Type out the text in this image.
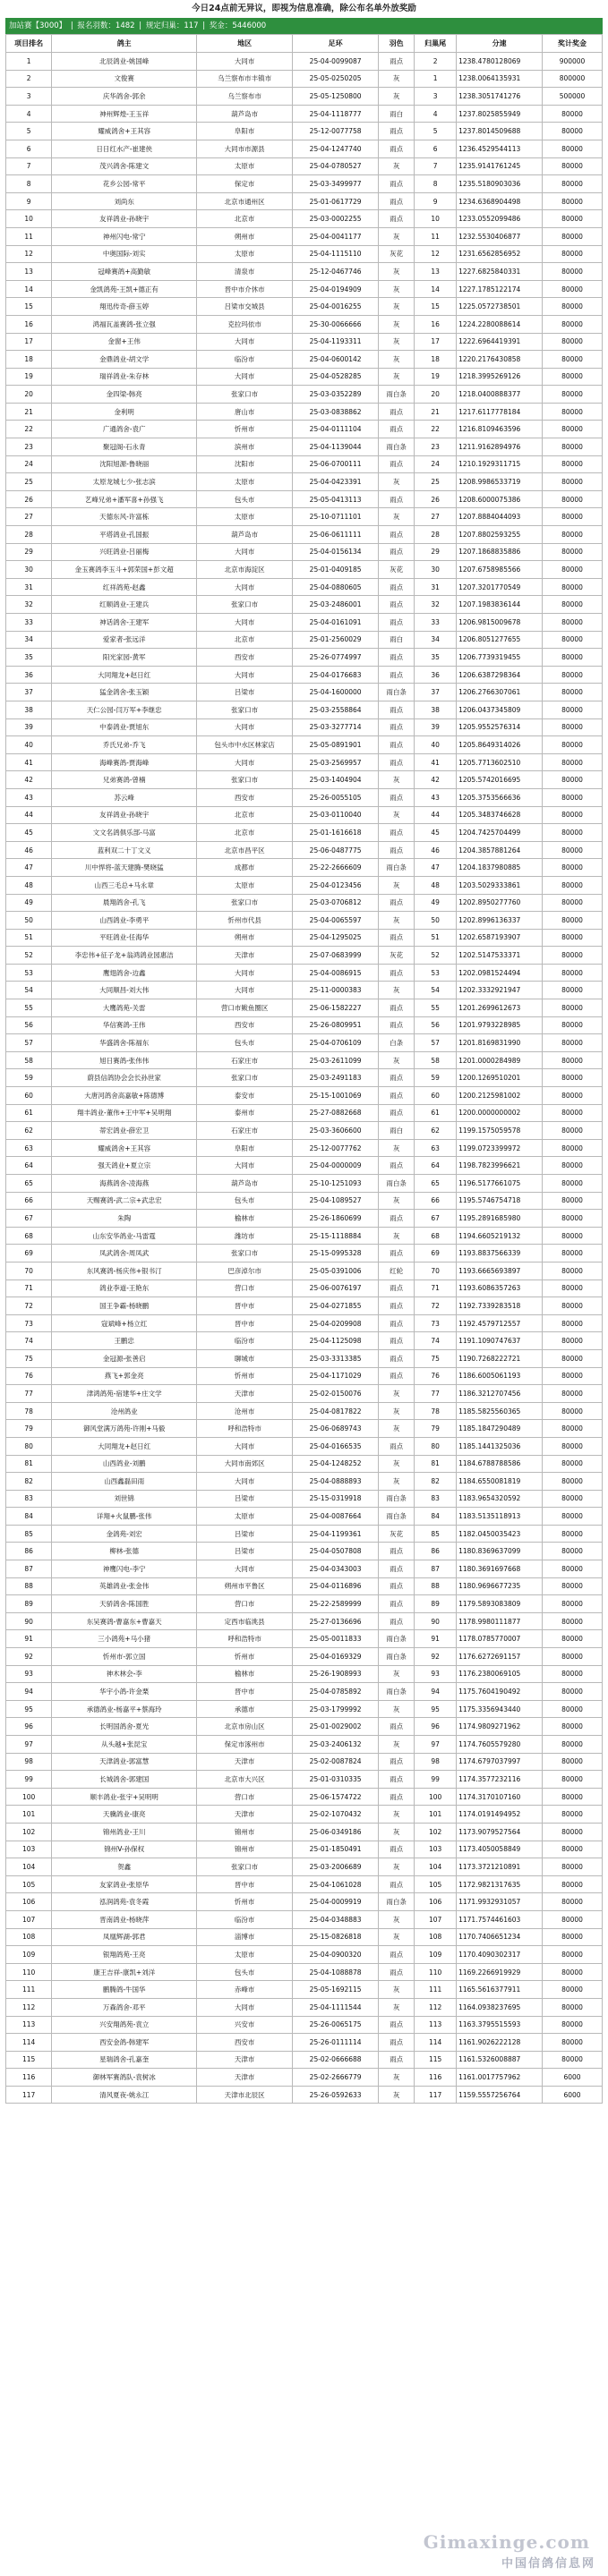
今日24点前无异议，即视为信息准确，除公布名单外放奖励
加站赛【3000】 | 报名羽数：1482 | 规定归巢：117 | 奖金：5446000
项目排名	鸽主	地区	足环	羽色	归巢尾	分速	奖计奖金
1	北辰鸽业-姚国峰	大同市	25-04-0099087	雨点	2	1238.4780128069	900000
2	文俊赛	乌兰察布市丰镇市	25-05-0250205	灰	1	1238.0064135931	800000
3	庆华鸽舍-郭余	乌兰察布市	25-05-1250800	灰	3	1238.3051741276	500000
4	神州辉煌-王玉祥	葫芦岛市	25-04-1118777	雨白	4	1237.8025855949	80000
5	耀威鸽舍+王其容	阜阳市	25-12-0077758	雨点	5	1237.8014509688	80000
6	日日红水产-崔建侠	大同市市源县	25-04-1247740	雨点	6	1236.4529544113	80000
7	茂兴鸽舍-陈建文	太原市	25-04-0780527	灰	7	1235.9141761245	80000
8	花乡公园-常平	保定市	25-03-3499977	雨点	8	1235.5180903036	80000
9	刘尚东	北京市通州区	25-01-0617729	雨点	9	1234.6368904498	80000
10	友祥鸽业-孙晓宇	北京市	25-03-0002255	雨点	10	1233.0552099486	80000
11	神州闪电-常宁	朔州市	25-04-0041177	灰	11	1232.5530406877	80000
12	中奥国际-刘实	太原市	25-04-1115110	灰花	12	1231.6562856952	80000
13	冠峰赛鸽+高勤敏	清泉市	25-12-0467746	灰	13	1227.6825840331	80000
14	金凯鸽苑-王凯+德正有	晋中市介休市	25-04-0194909	灰	14	1227.1785122174	80000
15	翔迅传奇-薛玉婷	吕梁市交城县	25-04-0016255	灰	15	1225.0572738501	80000
16	鸿福瓦盖赛鸽-张立强	克拉玛依市	25-30-0066666	灰	16	1224.2280088614	80000
17	金窗+王伟	大同市	25-04-1193311	灰	17	1222.6964419391	80000
18	金鼎鸽业-胡文学	临汾市	25-04-0600142	灰	18	1220.2176430858	80000
19	瑞祥鸽业-朱存林	大同市	25-04-0528285	灰	19	1218.3995269126	80000
20	金四梁-韩亮	张家口市	25-03-0352289	雨白条	20	1218.0400888377	80000
21	金利明	唐山市	25-03-0838862	雨点	21	1217.6117778184	80000
22	广通鸽舍-袁广	忻州市	25-04-0111104	雨点	22	1216.8109463596	80000
23	聚冠阁-石永青	滨州市	25-04-1139044	雨白条	23	1211.9162894976	80000
24	沈阳旭源-鲁晓丽	沈阳市	25-06-0700111	雨点	24	1210.1929311715	80000
25	太原龙城七少-张志滨	太原市	25-04-0423391	灰	25	1208.9986533719	80000
26	艺峰兄弟+潘军喜+孙强飞	包头市	25-05-0413113	雨点	26	1208.6000075386	80000
27	天德东风-许富栋	太原市	25-10-0711101	灰	27	1207.8884044093	80000
28	平塔鸽业-孔国振	葫芦岛市	25-06-0611111	雨点	28	1207.8802593255	80000
29	兴旺鸽业-吕丽梅	大同市	25-04-0156134	雨点	29	1207.1868835886	80000
30	金玉赛鸽李玉斗+郭荣国+彭文超	北京市海淀区	25-01-0409185	灰花	30	1207.6758985566	80000
31	红祥鸽苑-赵鑫	大同市	25-04-0880605	雨点	31	1207.3201770549	80000
32	红顺鸽业-王建兵	张家口市	25-03-2486001	雨点	32	1207.1983836144	80000
33	神话鸽舍-王建军	大同市	25-04-0161091	雨点	33	1206.9815009678	80000
34	爱家者-张远洋	北京市	25-01-2560029	雨白	34	1206.8051277655	80000
35	阳光家园-黄军	西安市	25-26-0774997	雨点	35	1206.7739319455	80000
36	大同翔龙+赵日红	大同市	25-04-0176683	雨点	36	1206.6387298364	80000
37	猛金鸽舍-张玉颖	吕梁市	25-04-1600000	雨白条	37	1206.2766307061	80000
38	天仁公园-闫万军+李继忠	张家口市	25-03-2558864	雨点	38	1206.0437345809	80000
39	中泰鸽业-贾旭东	大同市	25-03-3277714	雨点	39	1205.9552576314	80000
40	乔氏兄弟-乔飞	包头市中水区林家店	25-05-0891901	雨点	40	1205.8649314026	80000
41	海峰赛鸽-贾海峰	大同市	25-03-2569957	雨点	41	1205.7713602510	80000
42	兄弟赛鸽-曾楠	张家口市	25-03-1404904	灰	42	1205.5742016695	80000
43	苏云峰	西安市	25-26-0055105	雨点	43	1205.3753566636	80000
44	友祥鸽业-孙晓宇	北京市	25-03-0110040	灰	44	1205.3483746628	80000
45	文文名鸽俱乐部-马富	北京市	25-01-1616618	雨点	45	1204.7425704499	80000
46	蓝利双二十丁文义	北京市昌平区	25-06-0487775	雨点	46	1204.3857881264	80000
47	川中悍将-蓝天建腾-樊晓猛	成都市	25-22-2666609	雨白条	47	1204.1837980885	80000
48	山西三毛总+马永章	太原市	25-04-0123456	灰	48	1203.5029333861	80000
49	晨翔鸽舍-孔飞	张家口市	25-03-0706812	雨点	49	1202.8950277760	80000
50	山西鸽业-李勇平	忻州市代县	25-04-0065597	灰	50	1202.8996136337	80000
51	平旺鸽业-任海华	朔州市	25-04-1295025	雨点	51	1202.6587193907	80000
52	李忠伟+征子龙+翁鸿鸽业园惠洁	天津市	25-07-0683999	灰花	52	1202.5147533371	80000
53	鹰翅鸽舍-边鑫	大同市	25-04-0086915	雨点	53	1202.0981524494	80000
54	大同顺昌-刘大伟	大同市	25-11-0000383	灰	54	1202.3332921947	80000
55	大鹰鸽苑-关雷	营口市鲅鱼圈区	25-06-1582227	雨点	55	1201.2699612673	80000
56	华信赛鸽-王伟	西安市	25-26-0809951	雨点	56	1201.9793228985	80000
57	华盛鸽舍-陈福东	包头市	25-04-0706109	白条	57	1201.8169831990	80000
58	旭日赛鸽-张伟伟	石家庄市	25-03-2611099	灰	58	1201.0000284989	80000
59	蔚县信鸽协会会长孙世家	张家口市	25-03-2491183	雨点	59	1200.1269510201	80000
60	大唐河鸽舍高嘉敏+陈德博	泰安市	25-15-1001069	雨点	60	1200.2125981002	80000
61	翔丰鸽业-董伟+王中军+吴明翔	泰州市	25-27-0882668	雨点	61	1200.0000000002	80000
62	蒂宏鸽业-薛宏卫	石家庄市	25-03-3606600	雨白	62	1199.1575059578	80000
63	耀威鸽舍+王其容	阜阳市	25-12-0077762	灰	63	1199.0723399972	80000
64	强天鸽业+夏立宗	大同市	25-04-0000009	雨点	64	1198.7823996621	80000
65	海燕鸽舍-凌海燕	葫芦岛市	25-10-1251093	雨白条	65	1196.5177661075	80000
66	天赐赛鸽-武二宗+武忠宏	包头市	25-04-1089527	灰	66	1195.5746754718	80000
67	朱陶	榆林市	25-26-1860699	雨点	67	1195.2891685980	80000
68	山东安华鸽业-马雷霆	潍坊市	25-15-1118884	灰	68	1194.6605219132	80000
69	凤武鸽舍-周凤武	张家口市	25-15-0995328	雨点	69	1193.8837566339	80000
70	东风赛鸽-杨庆伟+银书汀	巴彦淖尔市	25-05-0391006	红轮	70	1193.6665693897	80000
71	鸽业李道-王艳东	营口市	25-06-0076197	雨点	71	1193.6086357263	80000
72	国王争霸-杨晓鹏	晋中市	25-04-0271855	雨点	72	1192.7339283518	80000
73	寇斌峰+杨立红	晋中市	25-04-0209908	雨点	73	1192.4579712557	80000
74	王鹏忠	临汾市	25-04-1125098	雨点	74	1191.1090747637	80000
75	金冠源-张善启	聊城市	25-03-3313385	雨点	75	1190.7268222721	80000
76	燕飞+郭金亮	忻州市	25-04-1171029	雨点	76	1186.6005061193	80000
77	津鸿鸽苑-宿建华+庄文学	天津市	25-02-0150076	灰	77	1186.3212707456	80000
78	沧州鸽业	沧州市	25-04-0817822	灰	78	1185.5825560365	80000
79	御风堂满万鸽苑-许刚+马毅	呼和浩特市	25-06-0689743	灰	79	1185.1847290489	80000
80	大同翔龙+赵日红	大同市	25-04-0166535	雨点	80	1185.1441325036	80000
81	山西鸽业-刘鹏	大同市南郊区	25-04-1248252	灰	81	1184.6788788586	80000
82	山西鑫磊田雨	大同市	25-04-0888893	灰	82	1184.6550081819	80000
83	刘世锦	吕梁市	25-15-0319918	雨白条	83	1183.9654320592	80000
84	详翔+火鼠鹏-张伟	太原市	25-04-0087664	雨白条	84	1183.5135118913	80000
85	金鸽苑-刘宏	吕梁市	25-04-1199361	灰花	85	1182.0450035423	80000
86	柳林-张德	吕梁市	25-04-0507808	雨点	86	1180.8369637099	80000
87	神鹰闪电-李宁	大同市	25-04-0343003	雨点	87	1180.3691697668	80000
88	英雄鸽业-张金伟	朔州市平鲁区	25-04-0116896	雨点	88	1180.9696677235	80000
89	天骄鸽舍-陈国胜	营口市	25-22-2589999	雨点	89	1179.5893083809	80000
90	东吴赛鸽-曹嘉东+曹嘉天	定西市临洮县	25-27-0136696	雨点	90	1178.9980111877	80000
91	三小鸽苑+马小猪	呼和浩特市	25-05-0011833	雨白条	91	1178.0785770007	80000
92	忻州市-郭立国	忻州市	25-04-0169329	雨白条	92	1176.6272691157	80000
93	神木林会-李	榆林市	25-26-1908993	灰	93	1176.2380069105	80000
94	华宇小鸽-许金栗	晋中市	25-04-0785892	雨白条	94	1175.7604190492	80000
95	承德鸽业-杨嘉平+蔡海玲	承德市	25-03-1799992	灰	95	1175.3356943440	80000
96	长明国鸽舍-夏光	北京市房山区	25-01-0029002	雨点	96	1174.9809271962	80000
97	从头越+张昆宝	保定市涿州市	25-03-2406132	灰	97	1174.7605579280	80000
98	天津鸽业-郭富慧	天津市	25-02-0087824	雨点	98	1174.6797037997	80000
99	长城鸽舍-郭建国	北京市大兴区	25-01-0310335	雨点	99	1174.3577232116	80000
100	顺丰鸽业-张宇+吴明明	营口市	25-06-1574722	雨点	100	1174.3170107160	80000
101	天骥鸽业-康亮	天津市	25-02-1070432	灰	101	1174.0191494952	80000
102	锦州鸽业-王川	锦州市	25-06-0349186	灰	102	1173.9079527564	80000
103	锦州V-孙保权	锦州市	25-01-1850491	雨点	103	1173.4050058849	80000
104	贺鑫	张家口市	25-03-2006689	灰	104	1173.3721210891	80000
105	友家鸽业-张原华	晋中市	25-04-1061028	雨点	105	1172.9821317635	80000
106	泓润鸽苑-袁冬霞	忻州市	25-04-0009919	雨白条	106	1171.9932931057	80000
107	晋南鸽业-杨晓萍	临汾市	25-04-0348883	灰	107	1171.7574461603	80000
108	凤凰辉湖-郭君	淄博市	25-15-0826818	灰	108	1170.7406651234	80000
109	银翔鸽苑-王亮	太原市	25-04-0900320	雨点	109	1170.4090302317	80000
110	康王吉祥-康凯+刘洋	包头市	25-04-1088878	雨点	110	1169.2266919929	80000
111	鹏腾鸽-牛国华	赤峰市	25-05-1692115	灰	111	1165.5616377911	80000
112	万森鸽舍-邓平	大同市	25-04-1111544	灰	112	1164.0938237695	80000
113	兴安翔鸽苑-袁立	兴安市	25-26-0065175	雨点	113	1163.3795515593	80000
114	西安金鸽-韩建军	西安市	25-26-0111114	雨点	114	1161.9026222128	80000
115	星瑞鸽舍-孔嘉奎	天津市	25-02-0666688	雨点	115	1161.5326008887	80000
116	御林军赛鸽队-袁树冰	天津市	25-02-2666779	灰	116	1161.0017757962	6000
117	清风夏夜-姚永江	天津市北辰区	25-26-0592633	灰	117	1159.5557256764	6000
Gimaxinge.com
中国信鸽信息网
